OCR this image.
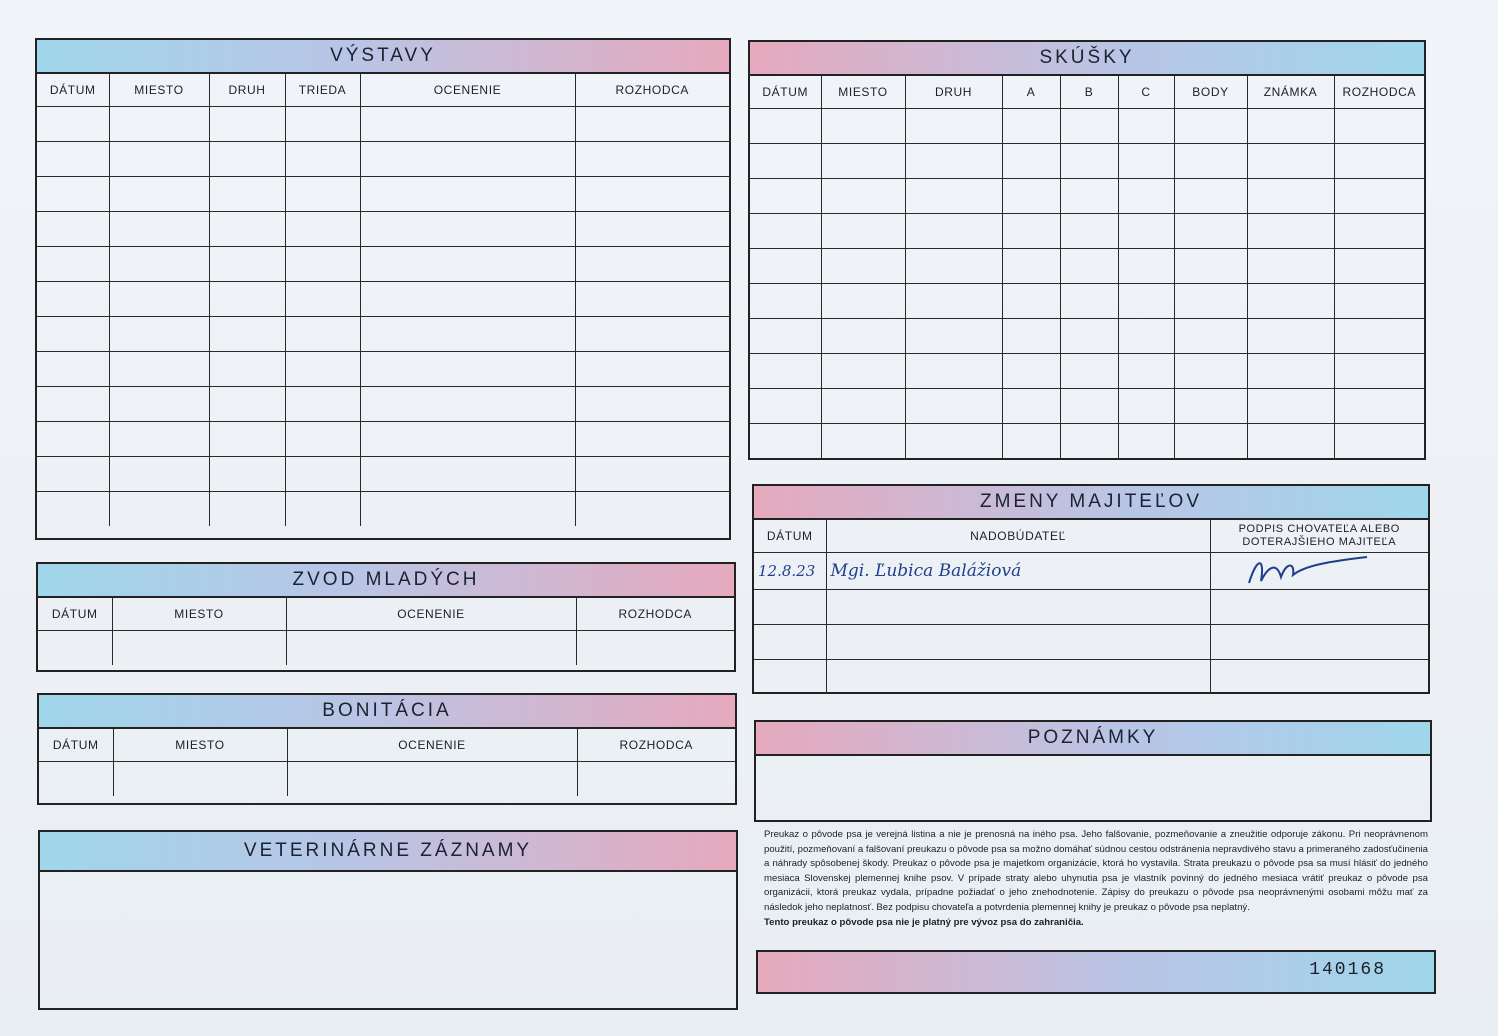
VÝSTAVY
DÁTUM	MIESTO	DRUH	TRIEDA	OCENENIE	ROZHODCA

SKÚŠKY
DÁTUM	MIESTO	DRUH	A	B	C	BODY	ZNÁMKA	ROZHODCA

ZVOD MLADÝCH
DÁTUM	MIESTO	OCENENIE	ROZHODCA

BONITÁCIA
DÁTUM	MIESTO	OCENENIE	ROZHODCA

VETERINÁRNE ZÁZNAMY
ZMENY MAJITEĽOV
DÁTUM	NADOBÚDATEĽ	PODPIS CHOVATEĽA ALEBO DOTERAJŠIEHO MAJITEĽA
12.8.23	Mgi. Ľubica Balážiová	

POZNÁMKY
Preukaz o pôvode psa je verejná listina a nie je prenosná na iného psa. Jeho falšovanie, pozmeňovanie a zneužitie odporuje zákonu. Pri neoprávnenom použití, pozmeňovaní a falšovaní preukazu o pôvode psa sa možno domáhať súdnou cestou odstránenia nepravdivého stavu a primeraného zadosťučinenia a náhrady spôsobenej škody. Preukaz o pôvode psa je majetkom organizácie, ktorá ho vystavila. Strata preukazu o pôvode psa sa musí hlásiť do jedného mesiaca Slovenskej plemennej knihe psov. V prípade straty alebo uhynutia psa je vlastník povinný do jedného mesiaca vrátiť preukaz o pôvode psa organizácii, ktorá preukaz vydala, prípadne požiadať o jeho znehodnotenie. Zápisy do preukazu o pôvode psa neoprávnenými osobami môžu mať za následok jeho neplatnosť. Bez podpisu chovateľa a potvrdenia plemennej knihy je preukaz o pôvode psa neplatný.
Tento preukaz o pôvode psa nie je platný pre vývoz psa do zahraničia.
140168
